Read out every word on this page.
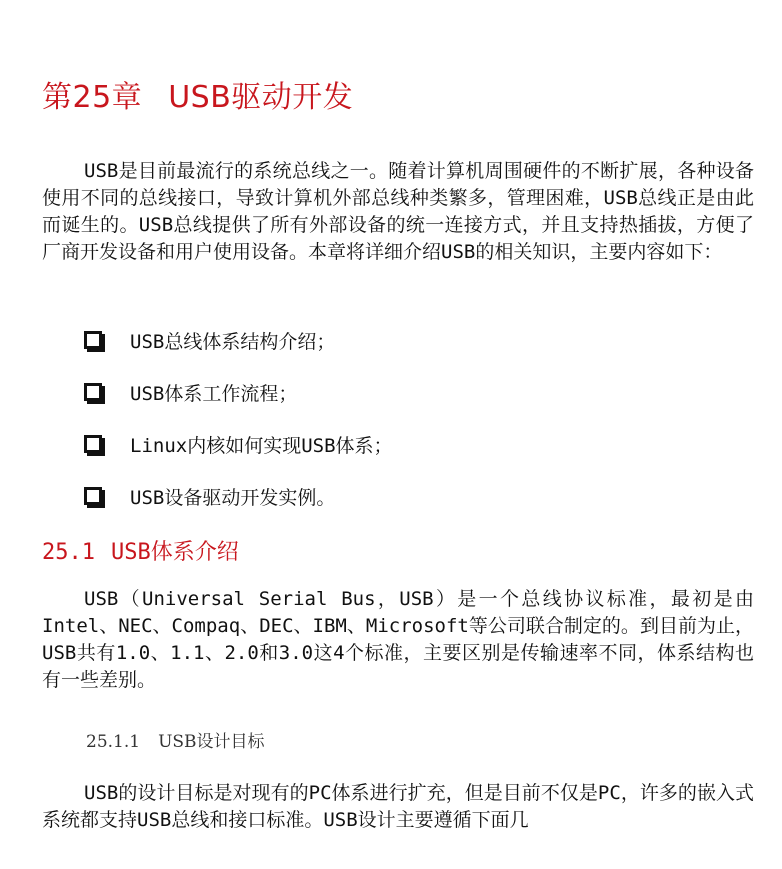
第25章 USB驱动开发

USB是目前最流行的系统总线之一。随着计算机周围硬件的不断扩展，各种设备使用不同的总线接口，导致计算机外部总线种类繁多，管理困难，USB总线正是由此而诞生的。USB总线提供了所有外部设备的统一连接方式，并且支持热插拔，方便了厂商开发设备和用户使用设备。本章将详细介绍USB的相关知识，主要内容如下：

USB总线体系结构介绍；
USB体系工作流程；
Linux内核如何实现USB体系；
USB设备驱动开发实例。
25.1 USB体系介绍

USB（Universal Serial Bus，USB）是一个总线协议标准，最初是由Intel、NEC、Compaq、DEC、IBM、Microsoft等公司联合制定的。到目前为止，USB共有1.0、1.1、2.0和3.0这4个标准，主要区别是传输速率不同，体系结构也有一些差别。

25.1.1 USB设计目标

USB的设计目标是对现有的PC体系进行扩充，但是目前不仅是PC，许多的嵌入式系统都支持USB总线和接口标准。USB设计主要遵循下面几
